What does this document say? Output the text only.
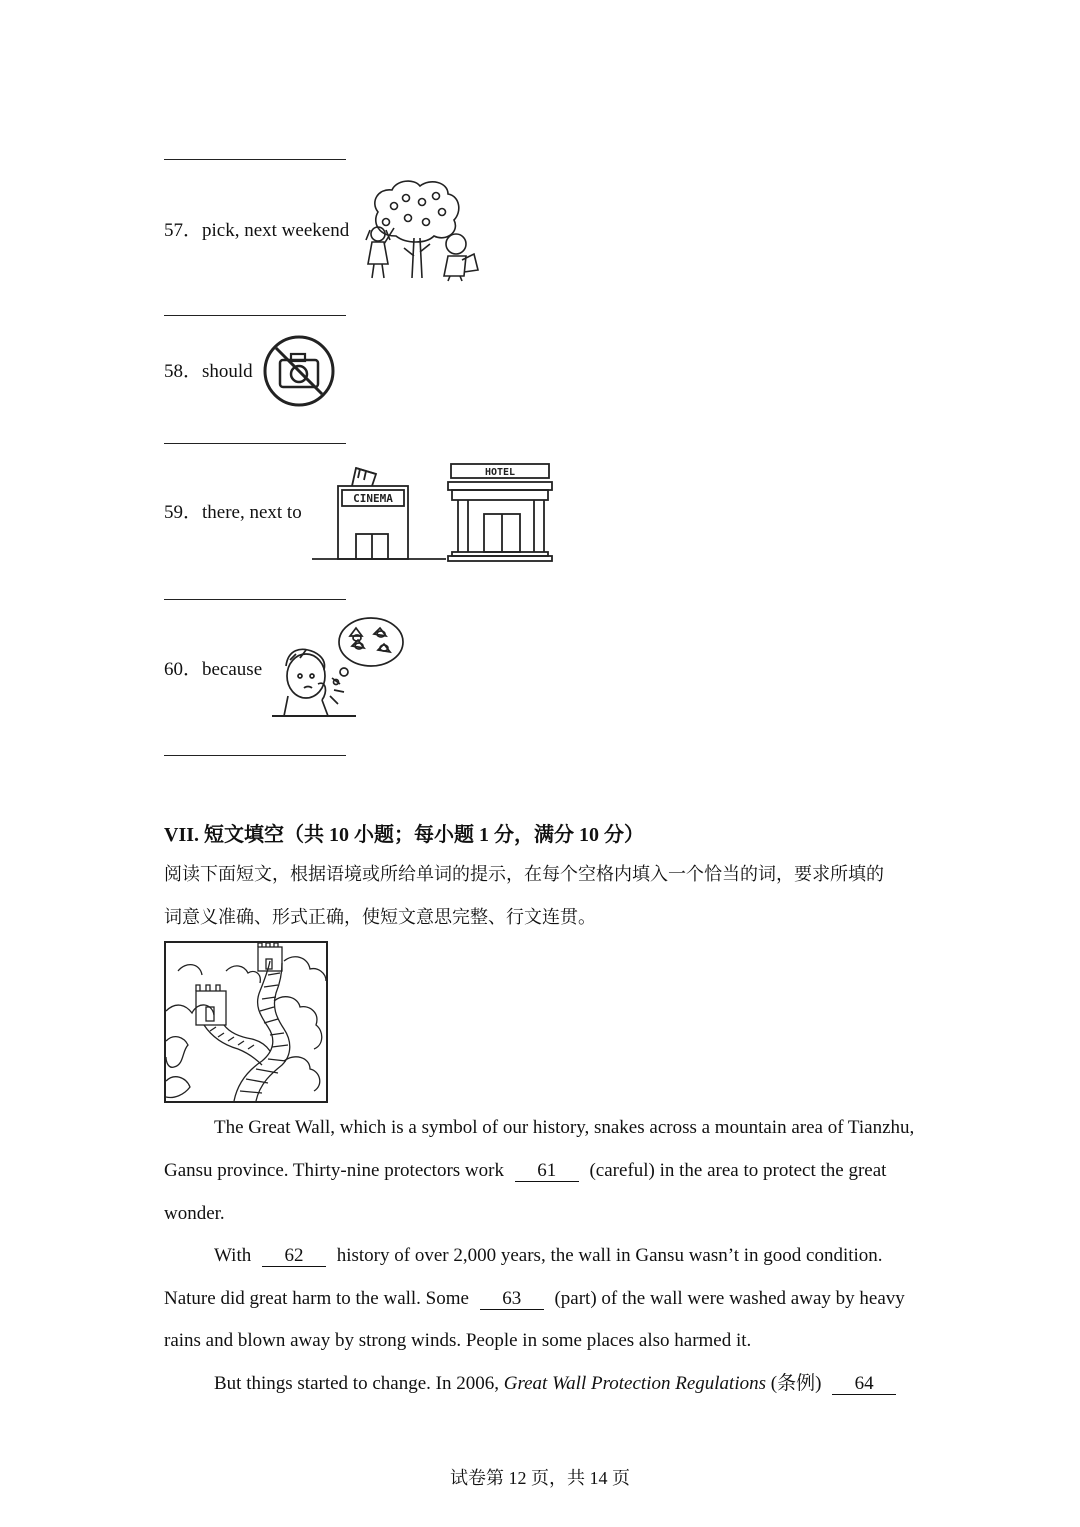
57．pick, next weekend
58．should
59．there, next to
CINEMA
HOTEL
60．because
VII. 短文填空（共 10 小题；每小题 1 分，满分 10 分）
阅读下面短文，根据语境或所给单词的提示，在每个空格内填入一个恰当的词，要求所填的
词意义准确、形式正确，使短文意思完整、行文连贯。
The Great Wall, which is a symbol of our history, snakes across a mountain area of Tianzhu,
Gansu province. Thirty-nine protectors work 61 (careful) in the area to protect the great
wonder.
With 62 history of over 2,000 years, the wall in Gansu wasn’t in good condition.
Nature did great harm to the wall. Some 63 (part) of the wall were washed away by heavy
rains and blown away by strong winds. People in some places also harmed it.
But things started to change. In 2006, Great Wall Protection Regulations (条例) 64
试卷第 12 页，共 14 页
